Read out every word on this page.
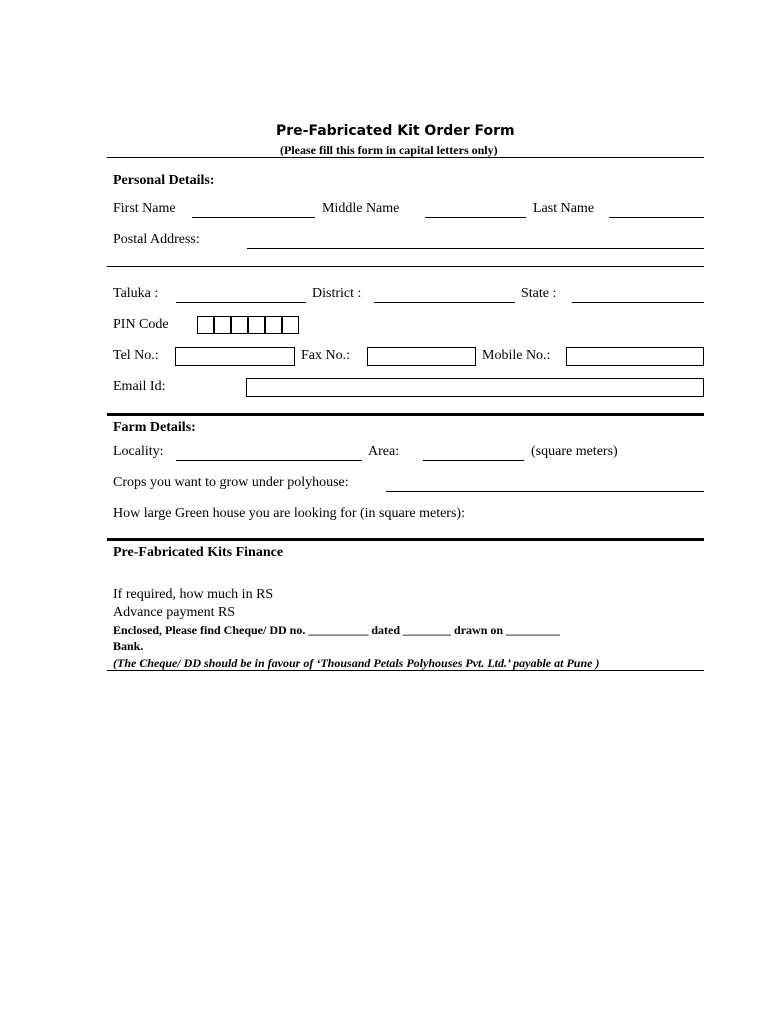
Pre-Fabricated Kit Order Form
(Please fill this form in capital letters only)
Personal Details:
First Name	Middle Name	Last Name
Postal Address:
Taluka :	District :	State :
PIN Code
Tel No.:	Fax No.:	Mobile No.:
Email Id:
Farm Details:
Locality:	Area:	(square meters)
Crops you want to grow under polyhouse:
How large Green house you are looking for (in square meters):
Pre-Fabricated Kits Finance
If required, how much in RS
Advance payment RS
Enclosed, Please find Cheque/ DD no. __________ dated ________ drawn on _________
Bank.
(The Cheque/ DD should be in favour of ‘Thousand Petals Polyhouses Pvt. Ltd.’ payable at Pune )
